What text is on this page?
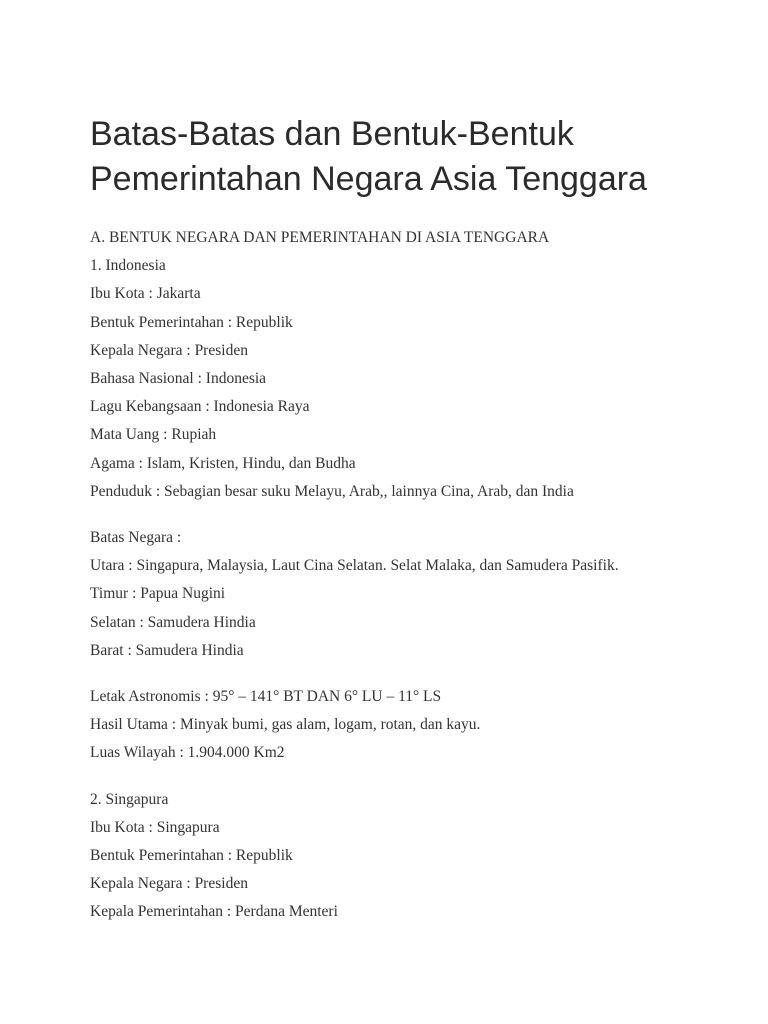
Batas-Batas dan Bentuk-Bentuk
Pemerintahan Negara Asia Tenggara
A. BENTUK NEGARA DAN PEMERINTAHAN DI ASIA TENGGARA
1. Indonesia
Ibu Kota : Jakarta
Bentuk Pemerintahan : Republik
Kepala Negara : Presiden
Bahasa Nasional : Indonesia
Lagu Kebangsaan : Indonesia Raya
Mata Uang : Rupiah
Agama : Islam, Kristen, Hindu, dan Budha
Penduduk : Sebagian besar suku Melayu, Arab,, lainnya Cina, Arab, dan India
Batas Negara :
Utara : Singapura, Malaysia, Laut Cina Selatan. Selat Malaka, dan Samudera Pasifik.
Timur : Papua Nugini
Selatan : Samudera Hindia
Barat : Samudera Hindia
Letak Astronomis : 95° – 141° BT DAN 6° LU – 11° LS
Hasil Utama : Minyak bumi, gas alam, logam, rotan, dan kayu.
Luas Wilayah : 1.904.000 Km2
2. Singapura
Ibu Kota : Singapura
Bentuk Pemerintahan : Republik
Kepala Negara : Presiden
Kepala Pemerintahan : Perdana Menteri
